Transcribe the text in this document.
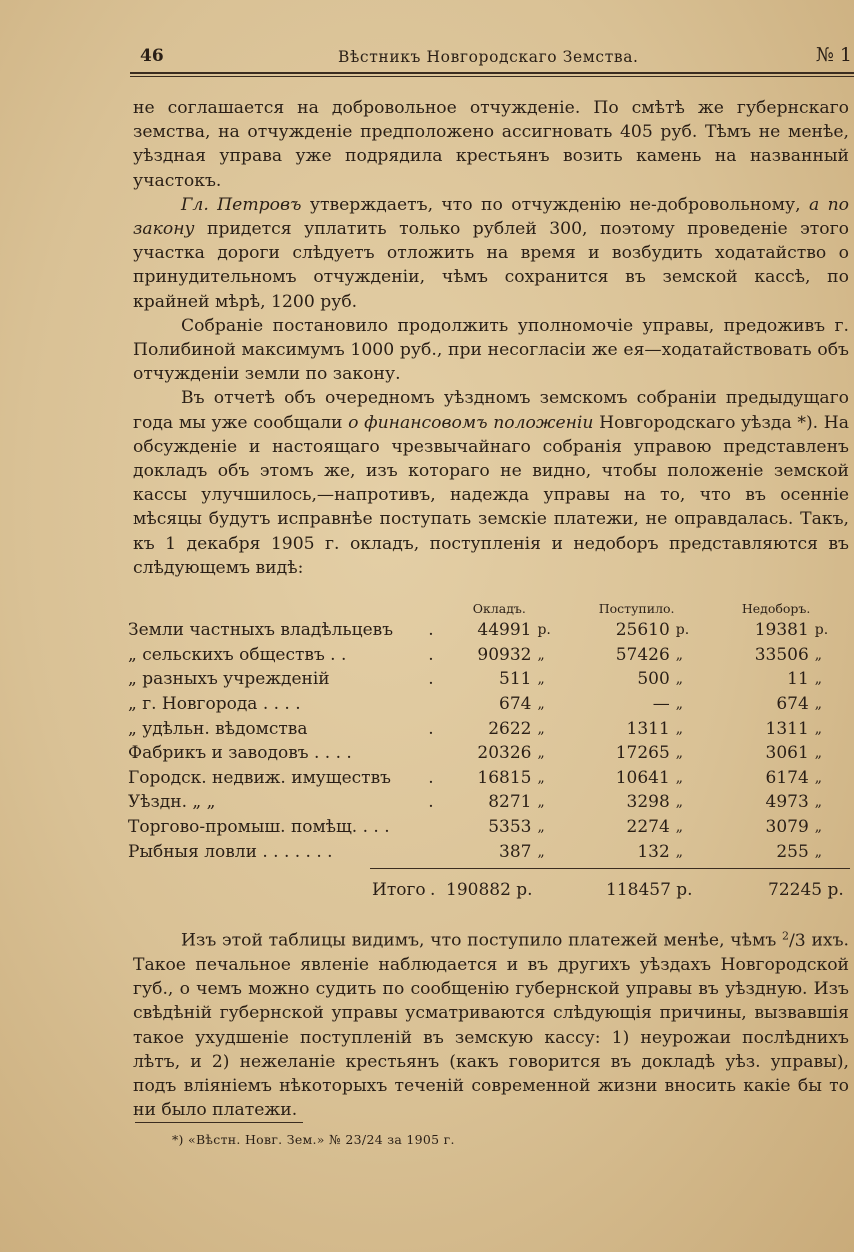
46	Вѣстникъ Новгородскаго Земства.	№ 1

не соглашается на добровольное отчужденіе. По смѣтѣ же губернскаго земства, на отчужденіе предположено ассигновать 405 руб. Тѣмъ не менѣе, уѣздная управа уже подрядила крестьянъ возить камень на названный участокъ.

Гл. Петровъ утверждаетъ, что по отчужденію не-добровольному, а по закону придется уплатить только рублей 300, поэтому проведеніе этого участка дороги слѣдуетъ отложить на время и возбудить ходатайство о принудительномъ отчужденіи, чѣмъ сохранится въ земской кассѣ, по крайней мѣрѣ, 1200 руб.

Собраніе постановило продолжить уполномочіе управы, предоживъ г. Полибиной максимумъ 1000 руб., при несогласіи же ея—ходатайствовать объ отчужденіи земли по закону.

Въ отчетѣ объ очередномъ уѣздномъ земскомъ собраніи предыдущаго года мы уже сообщали о финансовомъ положеніи Новгородскаго уѣзда *). На обсужденіе и настоящаго чрезвычайнаго собранія управою представленъ докладъ объ этомъ же, изъ котораго не видно, чтобы положеніе земской кассы улучшилось,—напротивъ, надежда управы на то, что въ осенніе мѣсяцы будутъ исправнѣе поступать земскіе платежи, не оправдалась. Такъ, къ 1 декабря 1905 г. окладъ, поступленія и недоборъ представляются въ слѣдующемъ видѣ:

		Окладъ.		Поступило.		Недоборъ.	
Земли частныхъ владѣльцевъ	.	44991	р.	25610	р.	19381	р.
„ сельскихъ обществъ . .	.	90932	„	57426	„	33506	„
„ разныхъ учрежденій	.	511	„	500	„	11	„
„ г. Новгорода . . . .		674	„	—	„	674	„
„ удѣльн. вѣдомства	.	2622	„	1311	„	1311	„
Фабрикъ и заводовъ . . . .		20326	„	17265	„	3061	„
Городск. недвиж. имуществъ	.	16815	„	10641	„	6174	„
Уѣздн. „ „	.	8271	„	3298	„	4973	„
Торгово-промыш. помѣщ. . . .		5353	„	2274	„	3079	„
Рыбныя ловли . . . . . . .		387	„	132	„	255	„
Итого . 190882 р.	118457 р.	72245 р.

Изъ этой таблицы видимъ, что поступило платежей менѣе, чѣмъ $^2$/3 ихъ. Такое печальное явленіе наблюдается и въ другихъ уѣздахъ Новгородской губ., о чемъ можно судить по сообщенію губернской управы въ уѣздную. Изъ свѣдѣній губернской управы усматриваются слѣдующія причины, вызвавшія такое ухудшеніе поступленій въ земскую кассу: 1) неурожаи послѣднихъ лѣтъ, и 2) нежеланіе крестьянъ (какъ говорится въ докладѣ уѣз. управы), подъ вліяніемъ нѣкоторыхъ теченій современной жизни вносить какіе бы то ни было платежи.

*) «Вѣстн. Новг. Зем.» № 23/24 за 1905 г.
